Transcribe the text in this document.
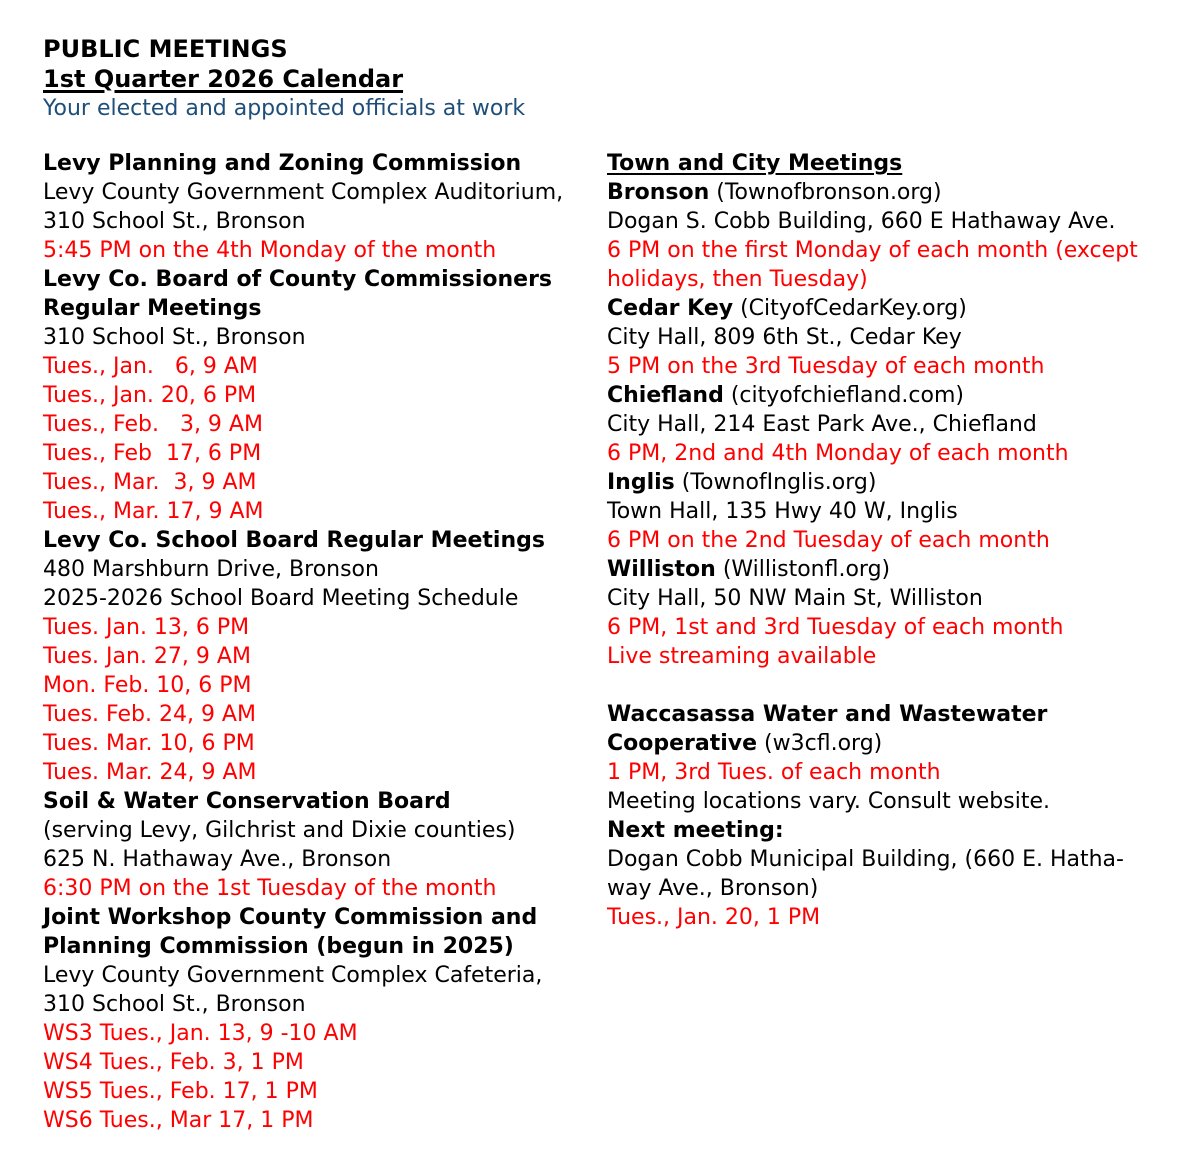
PUBLIC MEETINGS
1st Quarter 2026 Calendar
Your elected and appointed officials at work
Levy Planning and Zoning Commission
Levy County Government Complex Auditorium,
310 School St., Bronson
5:45 PM on the 4th Monday of the month
Levy Co. Board of County Commissioners
Regular Meetings
310 School St., Bronson
Tues., Jan.   6, 9 AM
Tues., Jan. 20, 6 PM
Tues., Feb.   3, 9 AM
Tues., Feb  17, 6 PM
Tues., Mar.  3, 9 AM
Tues., Mar. 17, 9 AM
Levy Co. School Board Regular Meetings
480 Marshburn Drive, Bronson
2025-2026 School Board Meeting Schedule
Tues. Jan. 13, 6 PM
Tues. Jan. 27, 9 AM
Mon. Feb. 10, 6 PM
Tues. Feb. 24, 9 AM
Tues. Mar. 10, 6 PM
Tues. Mar. 24, 9 AM
Soil & Water Conservation Board
(serving Levy, Gilchrist and Dixie counties)
625 N. Hathaway Ave., Bronson
6:30 PM on the 1st Tuesday of the month
Joint Workshop County Commission and
Planning Commission (begun in 2025)
Levy County Government Complex Cafeteria,
310 School St., Bronson
WS3 Tues., Jan. 13, 9 -10 AM
WS4 Tues., Feb. 3, 1 PM
WS5 Tues., Feb. 17, 1 PM
WS6 Tues., Mar 17, 1 PM
Town and City Meetings
Bronson (Townofbronson.org)
Dogan S. Cobb Building, 660 E Hathaway Ave.
6 PM on the first Monday of each month (except
holidays, then Tuesday)
Cedar Key (CityofCedarKey.org)
City Hall, 809 6th St., Cedar Key
5 PM on the 3rd Tuesday of each month
Chiefland (cityofchiefland.com)
City Hall, 214 East Park Ave., Chiefland
6 PM, 2nd and 4th Monday of each month
Inglis (TownofInglis.org)
Town Hall, 135 Hwy 40 W, Inglis
6 PM on the 2nd Tuesday of each month
Williston (Willistonfl.org)
City Hall, 50 NW Main St, Williston
6 PM, 1st and 3rd Tuesday of each month
Live streaming available
Waccasassa Water and Wastewater
Cooperative (w3cfl.org)
1 PM, 3rd Tues. of each month
Meeting locations vary. Consult website.
Next meeting:
Dogan Cobb Municipal Building, (660 E. Hatha-
way Ave., Bronson)
Tues., Jan. 20, 1 PM
